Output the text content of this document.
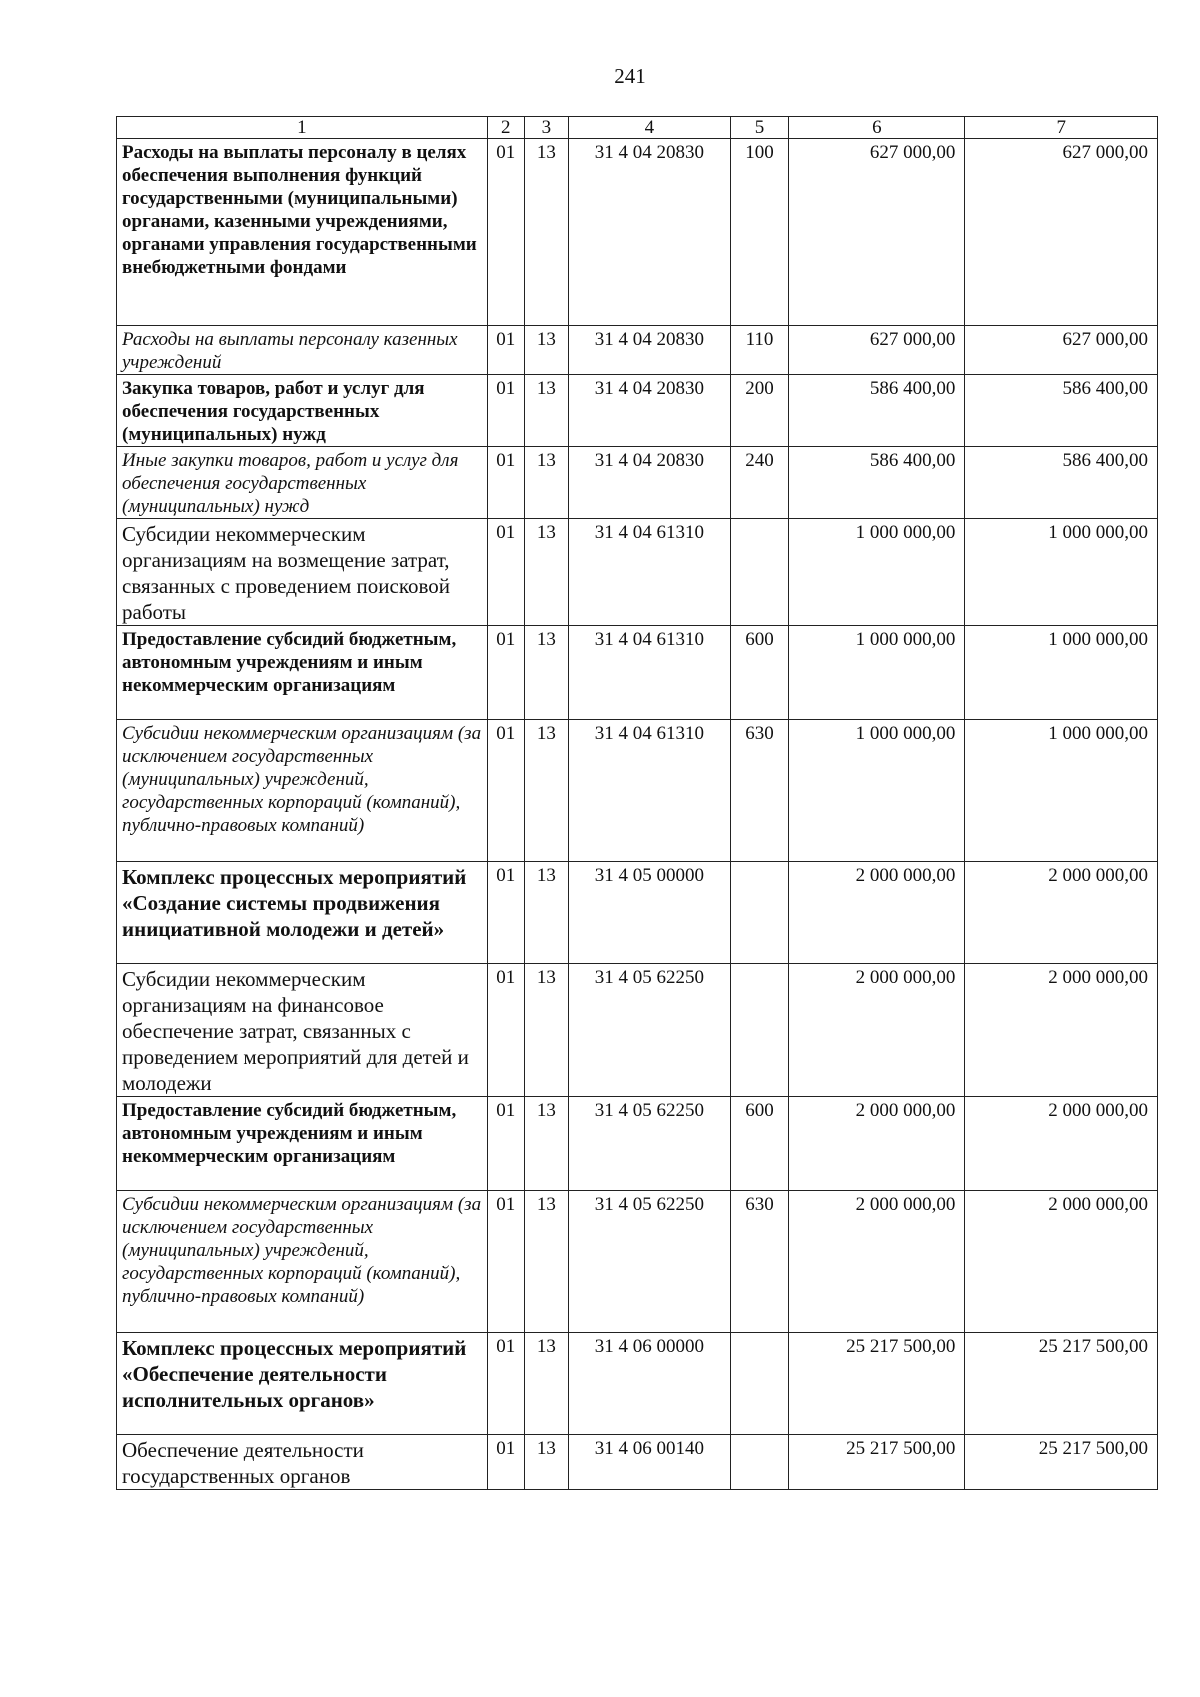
241
1	2	3	4	5	6	7
Расходы на выплаты персоналу в целях обеспечения выполнения функций государственными (муниципальными) органами, казенными учреждениями, органами управления государственными внебюджетными фондами	01	13	31 4 04 20830	100	627 000,00	627 000,00
Расходы на выплаты персоналу казенных учреждений	01	13	31 4 04 20830	110	627 000,00	627 000,00
Закупка товаров, работ и услуг для обеспечения государственных (муниципальных) нужд	01	13	31 4 04 20830	200	586 400,00	586 400,00
Иные закупки товаров, работ и услуг для обеспечения государственных (муниципальных) нужд	01	13	31 4 04 20830	240	586 400,00	586 400,00
Субсидии некоммерческим организациям на возмещение затрат, связанных с проведением поисковой работы	01	13	31 4 04 61310		1 000 000,00	1 000 000,00
Предоставление субсидий бюджетным, автономным учреждениям и иным некоммерческим организациям	01	13	31 4 04 61310	600	1 000 000,00	1 000 000,00
Субсидии некоммерческим организациям (за исключением государственных (муниципальных) учреждений, государственных корпораций (компаний), публично-правовых компаний)	01	13	31 4 04 61310	630	1 000 000,00	1 000 000,00
Комплекс процессных мероприятий «Создание системы продвижения инициативной молодежи и детей»	01	13	31 4 05 00000		2 000 000,00	2 000 000,00
Субсидии некоммерческим организациям на финансовое обеспечение затрат, связанных с проведением мероприятий для детей и молодежи	01	13	31 4 05 62250		2 000 000,00	2 000 000,00
Предоставление субсидий бюджетным, автономным учреждениям и иным некоммерческим организациям	01	13	31 4 05 62250	600	2 000 000,00	2 000 000,00
Субсидии некоммерческим организациям (за исключением государственных (муниципальных) учреждений, государственных корпораций (компаний), публично-правовых компаний)	01	13	31 4 05 62250	630	2 000 000,00	2 000 000,00
Комплекс процессных мероприятий «Обеспечение деятельности исполнительных органов»	01	13	31 4 06 00000		25 217 500,00	25 217 500,00
Обеспечение деятельности государственных органов	01	13	31 4 06 00140		25 217 500,00	25 217 500,00
